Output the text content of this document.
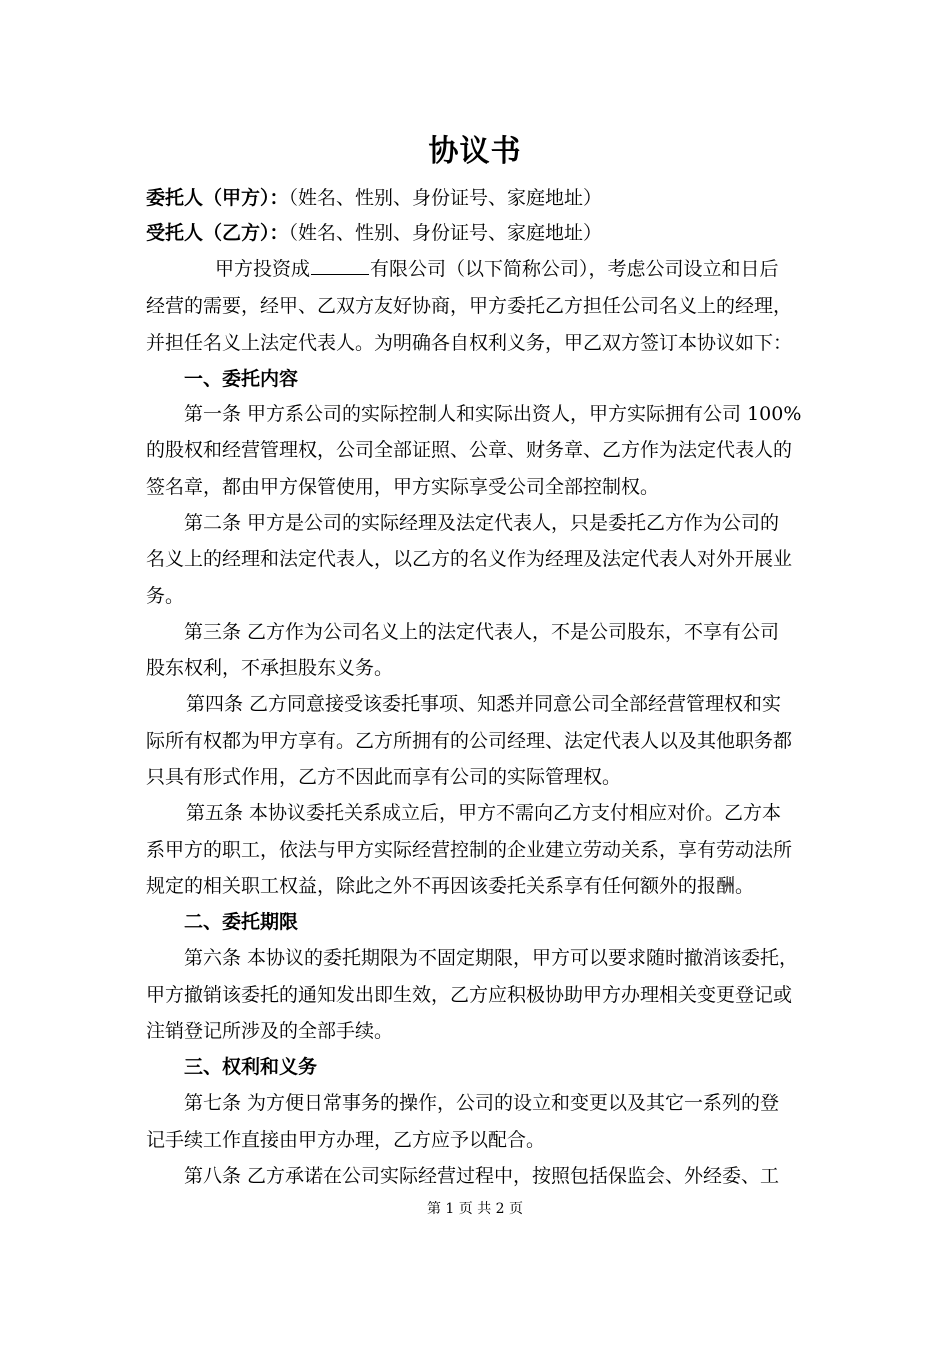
协议书
委托人（甲方）：（姓名、性别、身份证号、家庭地址）
受托人（乙方）：（姓名、性别、身份证号、家庭地址）
甲方投资成	有限公司（以下简称公司），考虑公司设立和日后
经营的需要，经甲、乙双方友好协商，甲方委托乙方担任公司名义上的经理，
并担任名义上法定代表人。为明确各自权利义务，甲乙双方签订本协议如下：
一、委托内容
第一条 甲方系公司的实际控制人和实际出资人，甲方实际拥有公司 100%
的股权和经营管理权，公司全部证照、公章、财务章、乙方作为法定代表人的
签名章，都由甲方保管使用，甲方实际享受公司全部控制权。
第二条 甲方是公司的实际经理及法定代表人，只是委托乙方作为公司的
名义上的经理和法定代表人，以乙方的名义作为经理及法定代表人对外开展业
务。
第三条 乙方作为公司名义上的法定代表人，不是公司股东，不享有公司
股东权利，不承担股东义务。
第四条 乙方同意接受该委托事项、知悉并同意公司全部经营管理权和实
际所有权都为甲方享有。乙方所拥有的公司经理、法定代表人以及其他职务都
只具有形式作用，乙方不因此而享有公司的实际管理权。
第五条 本协议委托关系成立后，甲方不需向乙方支付相应对价。乙方本
系甲方的职工，依法与甲方实际经营控制的企业建立劳动关系，享有劳动法所
规定的相关职工权益，除此之外不再因该委托关系享有任何额外的报酬。
二、委托期限
第六条 本协议的委托期限为不固定期限，甲方可以要求随时撤消该委托，
甲方撤销该委托的通知发出即生效，乙方应积极协助甲方办理相关变更登记或
注销登记所涉及的全部手续。
三、权利和义务
第七条 为方便日常事务的操作，公司的设立和变更以及其它一系列的登
记手续工作直接由甲方办理，乙方应予以配合。
第八条 乙方承诺在公司实际经营过程中，按照包括保监会、外经委、工
第 1 页 共 2 页
